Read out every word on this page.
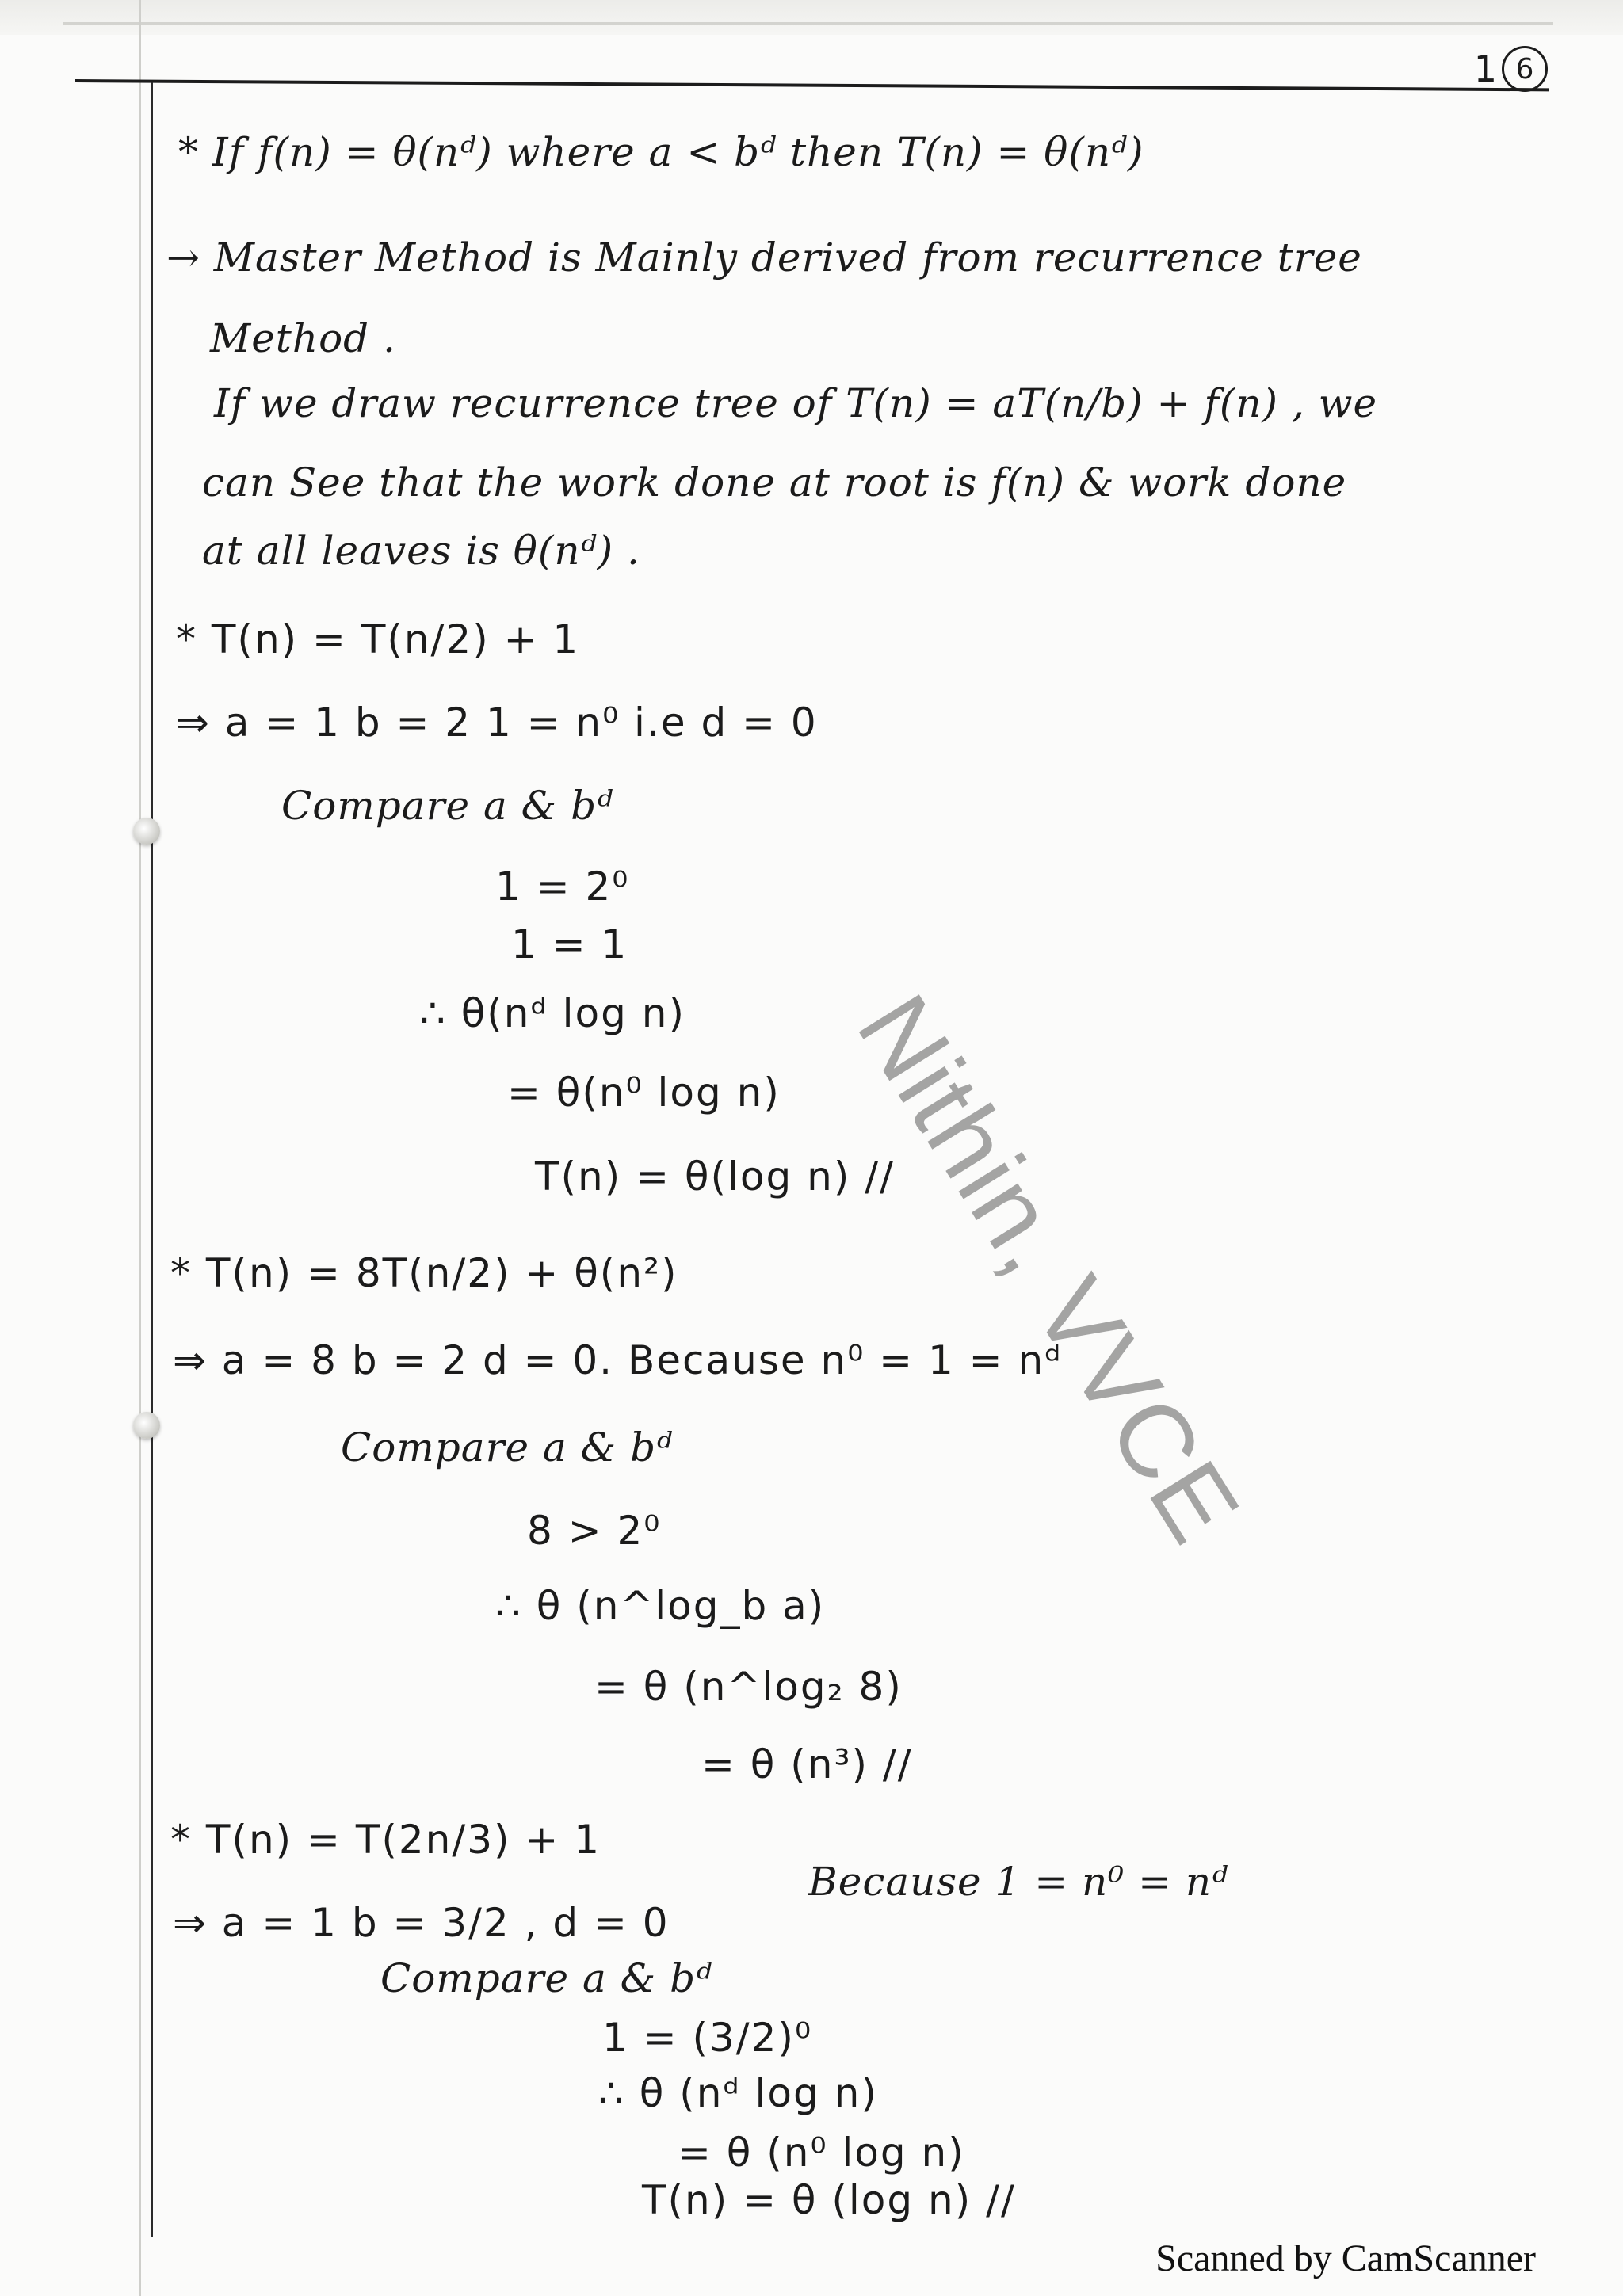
1 6
* If f(n) = θ(nᵈ) where a < bᵈ then T(n) = θ(nᵈ)
→ Master Method is Mainly derived from recurrence tree
Method .
If we draw recurrence tree of T(n) = aT(n/b) + f(n) , we
can See that the work done at root is f(n) & work done
at all leaves is θ(nᵈ) .
* T(n) = T(n/2) + 1
⇒ a = 1 b = 2 1 = n⁰ i.e d = 0
Compare a & bᵈ
1 = 2⁰
1 = 1
∴ θ(nᵈ log n)
= θ(n⁰ log n)
T(n) = θ(log n) //
* T(n) = 8T(n/2) + θ(n²)
⇒ a = 8 b = 2 d = 0. Because n⁰ = 1 = nᵈ
Compare a & bᵈ
8 > 2⁰
∴ θ (n^log_b a)
= θ (n^log₂ 8)
= θ (n³) //
* T(n) = T(2n/3) + 1
⇒ a = 1 b = 3/2 , d = 0
Because 1 = n⁰ = nᵈ
Compare a & bᵈ
1 = (3/2)⁰
∴ θ (nᵈ log n)
= θ (n⁰ log n)
T(n) = θ (log n) //
Nithin, VVCE
Scanned by CamScanner
